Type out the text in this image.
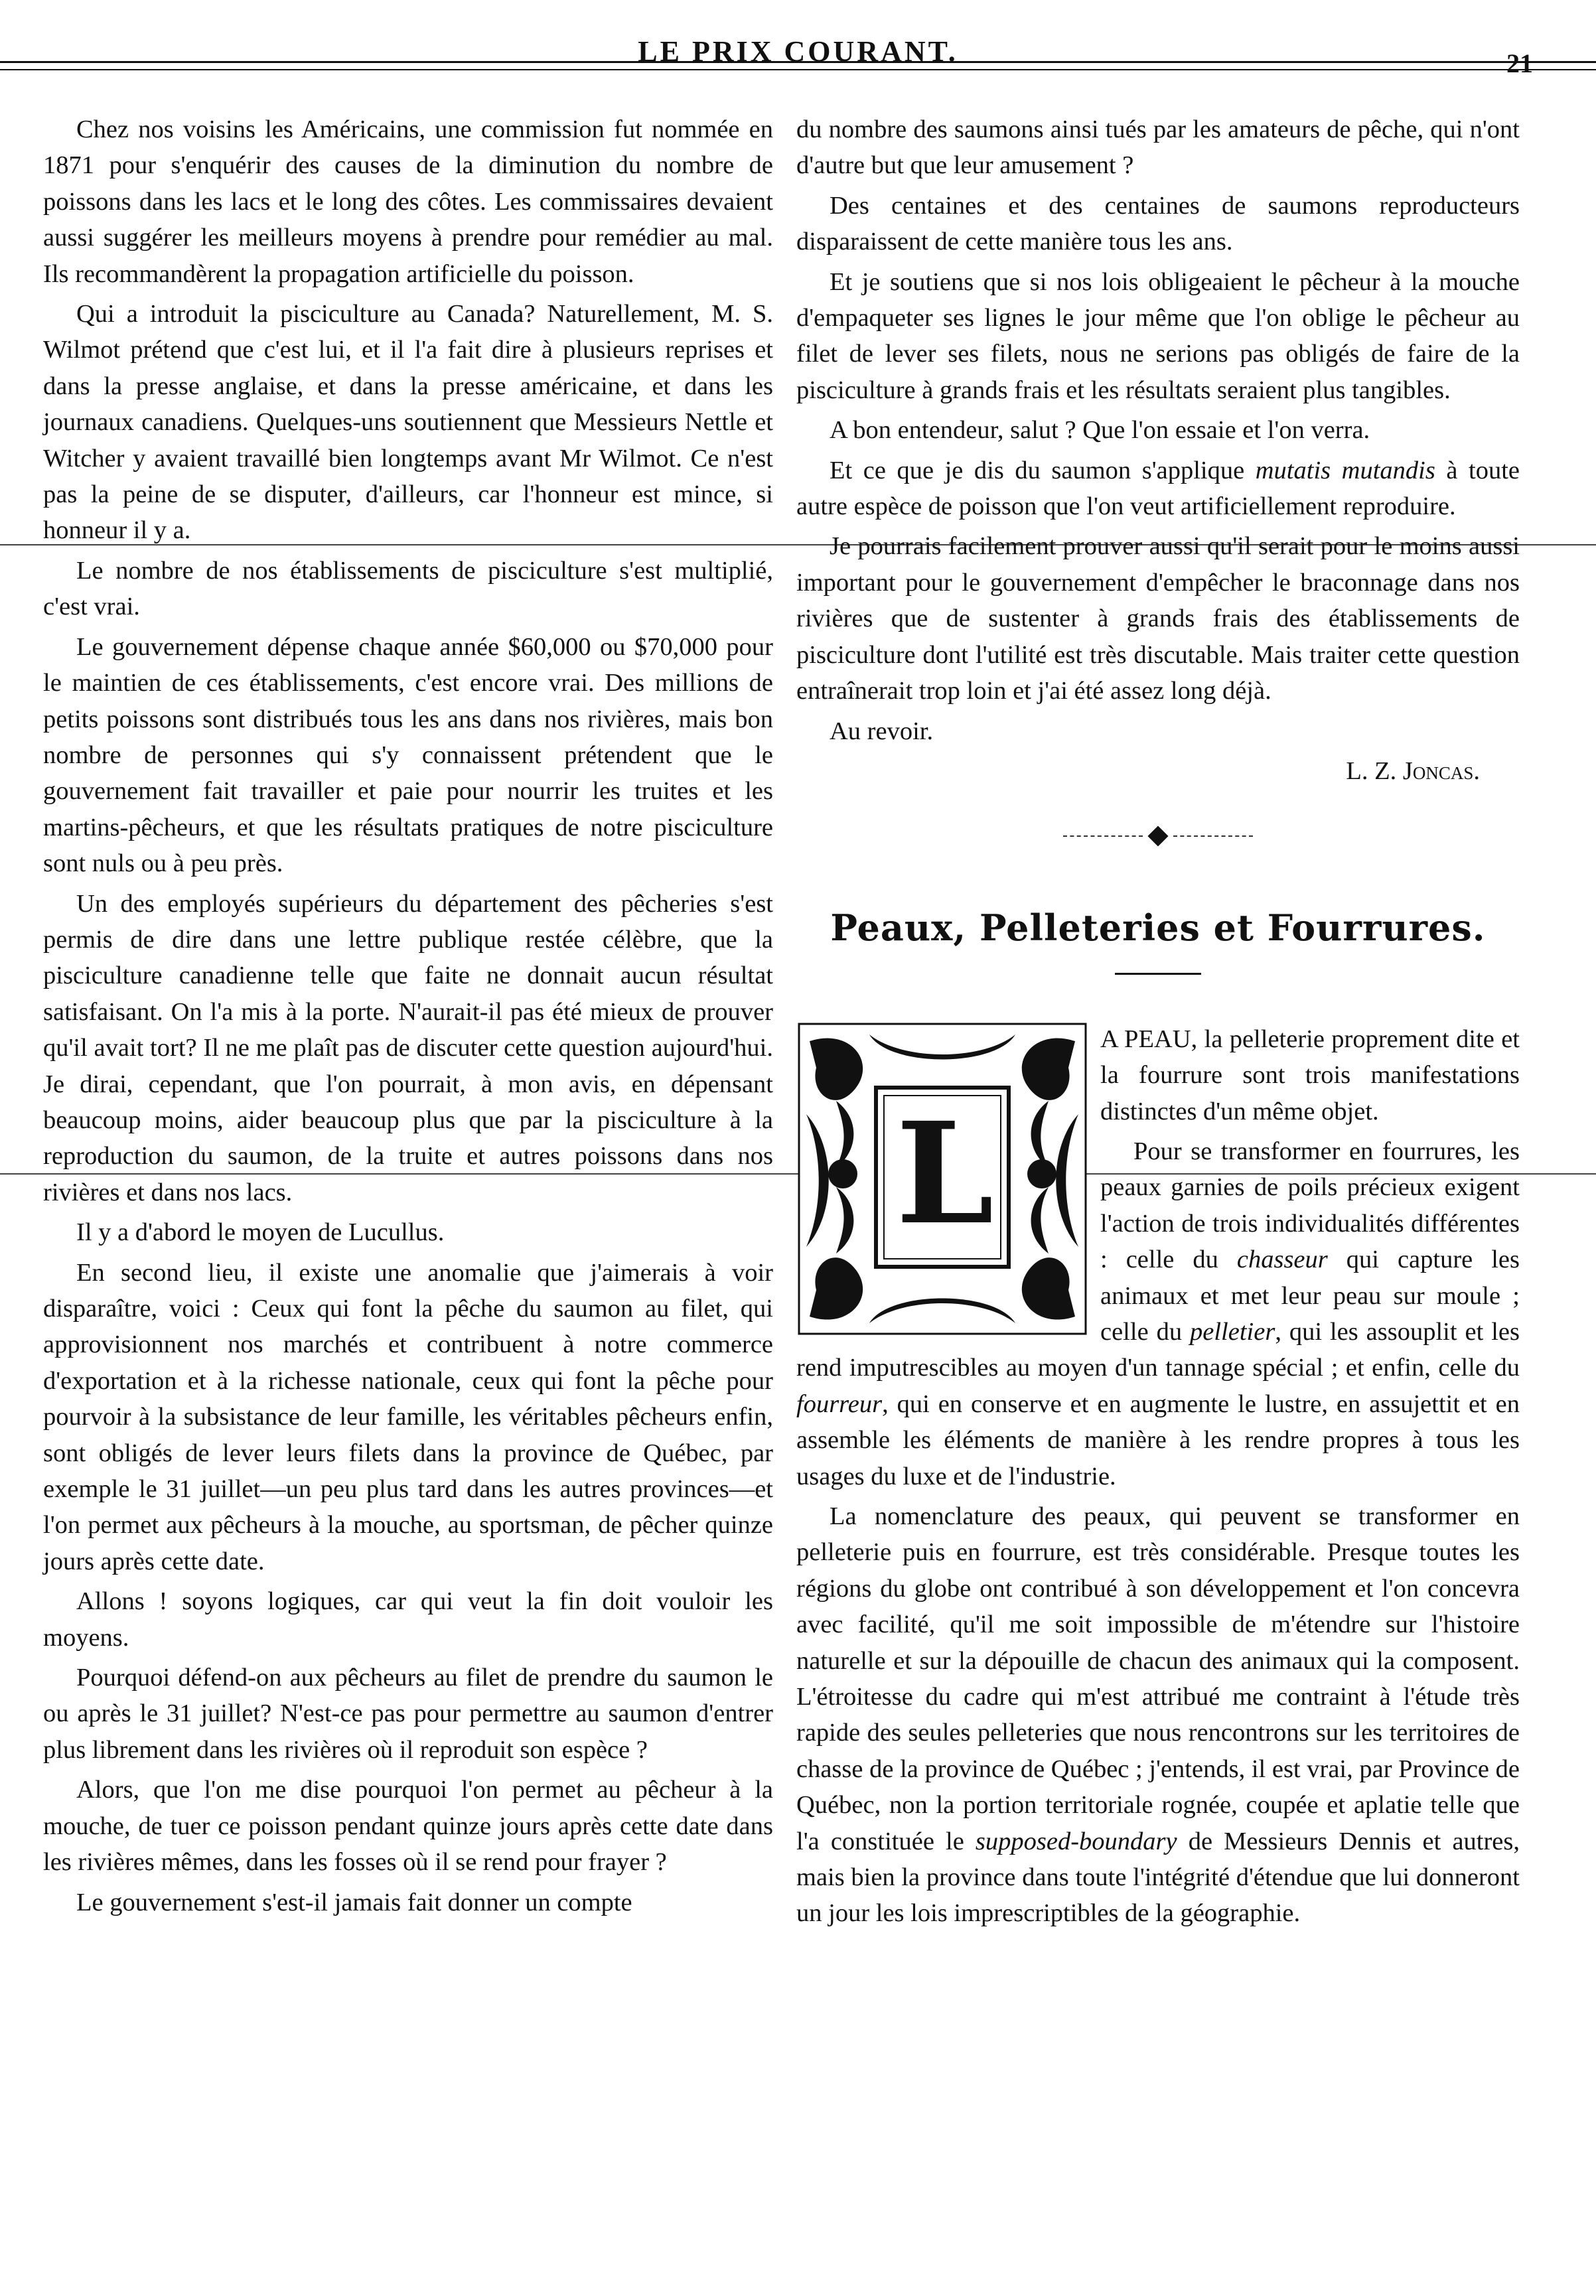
LE PRIX COURANT.	21

Chez nos voisins les Américains, une commission fut nommée en 1871 pour s'enquérir des causes de la diminution du nombre de poissons dans les lacs et le long des côtes. Les commissaires devaient aussi suggérer les meilleurs moyens à prendre pour remédier au mal. Ils recommandèrent la propagation artificielle du poisson.

Qui a introduit la pisciculture au Canada? Naturellement, M. S. Wilmot prétend que c'est lui, et il l'a fait dire à plusieurs reprises et dans la presse anglaise, et dans la presse américaine, et dans les journaux canadiens. Quelques-uns soutiennent que Messieurs Nettle et Witcher y avaient travaillé bien longtemps avant Mr Wilmot. Ce n'est pas la peine de se disputer, d'ailleurs, car l'honneur est mince, si honneur il y a.

Le nombre de nos établissements de pisciculture s'est multiplié, c'est vrai.

Le gouvernement dépense chaque année $60,000 ou $70,000 pour le maintien de ces établissements, c'est encore vrai. Des millions de petits poissons sont distribués tous les ans dans nos rivières, mais bon nombre de personnes qui s'y connaissent prétendent que le gouvernement fait travailler et paie pour nourrir les truites et les martins-pêcheurs, et que les résultats pratiques de notre pisciculture sont nuls ou à peu près.

Un des employés supérieurs du département des pêcheries s'est permis de dire dans une lettre publique restée célèbre, que la pisciculture canadienne telle que faite ne donnait aucun résultat satisfaisant. On l'a mis à la porte. N'aurait-il pas été mieux de prouver qu'il avait tort? Il ne me plaît pas de discuter cette question aujourd'hui. Je dirai, cependant, que l'on pourrait, à mon avis, en dépensant beaucoup moins, aider beaucoup plus que par la pisciculture à la reproduction du saumon, de la truite et autres poissons dans nos rivières et dans nos lacs.

Il y a d'abord le moyen de Lucullus.

En second lieu, il existe une anomalie que j'aimerais à voir disparaître, voici : Ceux qui font la pêche du saumon au filet, qui approvisionnent nos marchés et contribuent à notre commerce d'exportation et à la richesse nationale, ceux qui font la pêche pour pourvoir à la subsistance de leur famille, les véritables pêcheurs enfin, sont obligés de lever leurs filets dans la province de Québec, par exemple le 31 juillet—un peu plus tard dans les autres provinces—et l'on permet aux pêcheurs à la mouche, au sportsman, de pêcher quinze jours après cette date.

Allons ! soyons logiques, car qui veut la fin doit vouloir les moyens.

Pourquoi défend-on aux pêcheurs au filet de prendre du saumon le ou après le 31 juillet? N'est-ce pas pour permettre au saumon d'entrer plus librement dans les rivières où il reproduit son espèce ?

Alors, que l'on me dise pourquoi l'on permet au pêcheur à la mouche, de tuer ce poisson pendant quinze jours après cette date dans les rivières mêmes, dans les fosses où il se rend pour frayer ?

Le gouvernement s'est-il jamais fait donner un compte

du nombre des saumons ainsi tués par les amateurs de pêche, qui n'ont d'autre but que leur amusement ?

Des centaines et des centaines de saumons reproducteurs disparaissent de cette manière tous les ans.

Et je soutiens que si nos lois obligeaient le pêcheur à la mouche d'empaqueter ses lignes le jour même que l'on oblige le pêcheur au filet de lever ses filets, nous ne serions pas obligés de faire de la pisciculture à grands frais et les résultats seraient plus tangibles.

A bon entendeur, salut ? Que l'on essaie et l'on verra.

Et ce que je dis du saumon s'applique mutatis mutandis à toute autre espèce de poisson que l'on veut artificiellement reproduire.

Je pourrais facilement prouver aussi qu'il serait pour le moins aussi important pour le gouvernement d'empêcher le braconnage dans nos rivières que de sustenter à grands frais des établissements de pisciculture dont l'utilité est très discutable. Mais traiter cette question entraînerait trop loin et j'ai été assez long déjà.

Au revoir.

L. Z. Joncas.
Peaux, Pelleteries et Fourrures.
L

A PEAU, la pelleterie proprement dite et la fourrure sont trois manifestations distinctes d'un même objet.

Pour se transformer en fourrures, les peaux garnies de poils précieux exigent l'action de trois individualités différentes : celle du chasseur qui capture les animaux et met leur peau sur moule ; celle du pelletier, qui les assouplit et les rend imputrescibles au moyen d'un tannage spécial ; et enfin, celle du fourreur, qui en conserve et en augmente le lustre, en assujettit et en assemble les éléments de manière à les rendre propres à tous les usages du luxe et de l'industrie.

La nomenclature des peaux, qui peuvent se transformer en pelleterie puis en fourrure, est très considérable. Presque toutes les régions du globe ont contribué à son développement et l'on concevra avec facilité, qu'il me soit impossible de m'étendre sur l'histoire naturelle et sur la dépouille de chacun des animaux qui la composent. L'étroitesse du cadre qui m'est attribué me contraint à l'étude très rapide des seules pelleteries que nous rencontrons sur les territoires de chasse de la province de Québec ; j'entends, il est vrai, par Province de Québec, non la portion territoriale rognée, coupée et aplatie telle que l'a constituée le supposed-boundary de Messieurs Dennis et autres, mais bien la province dans toute l'intégrité d'étendue que lui donneront un jour les lois imprescriptibles de la géographie.
